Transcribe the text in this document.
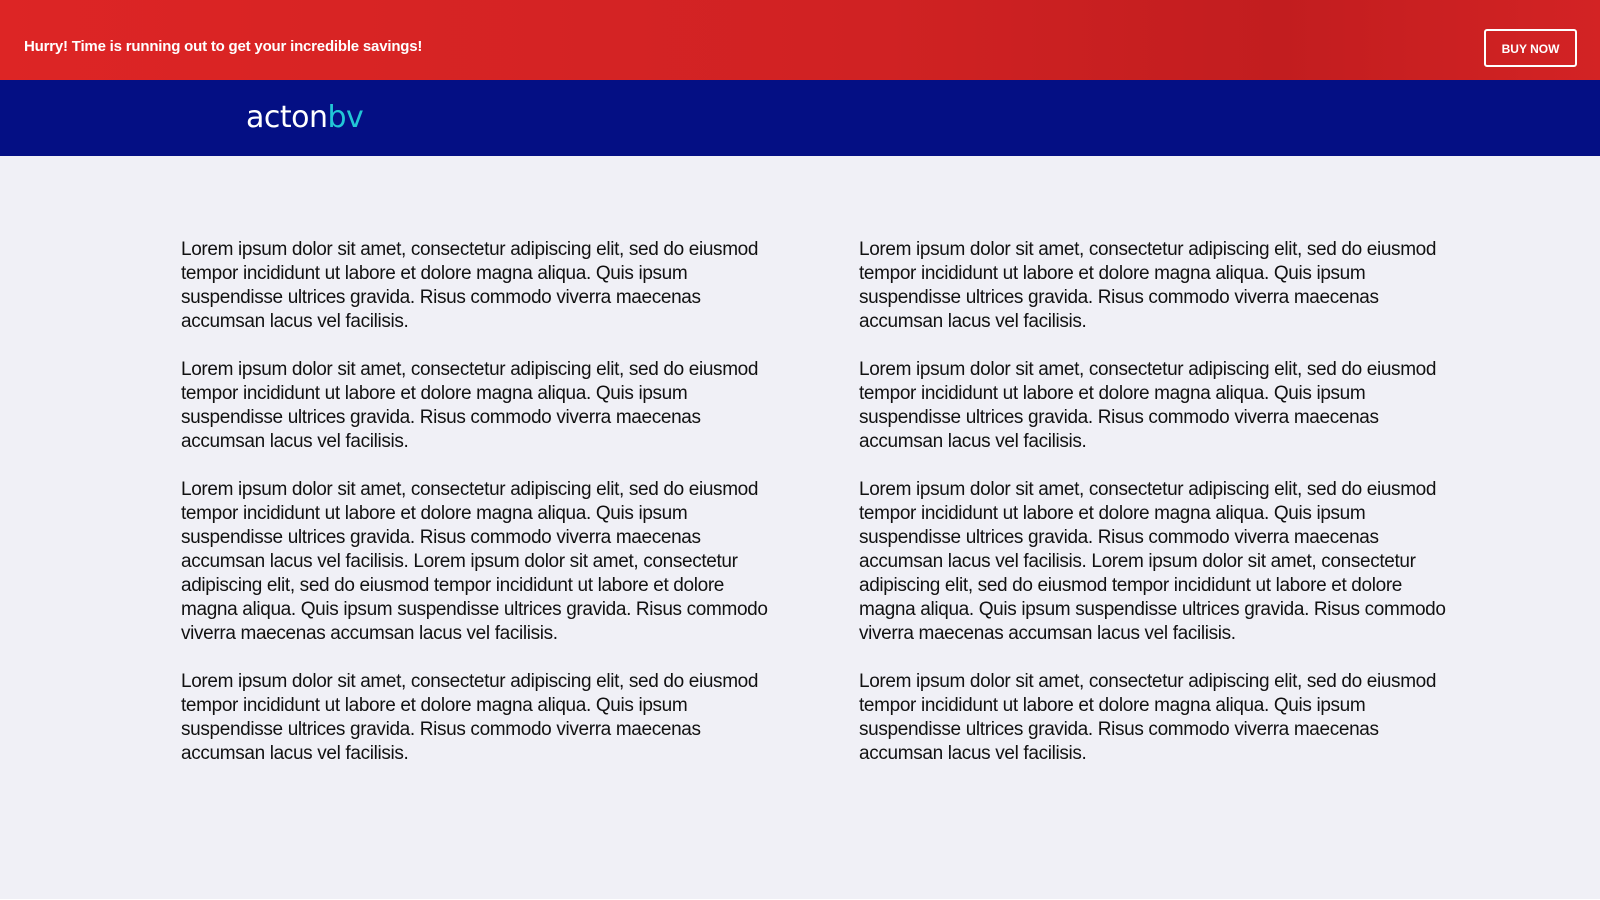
Hurry! Time is running out to get your incredible savings!	BUY NOW
actonbv

Lorem ipsum dolor sit amet, consectetur adipiscing elit, sed do eiusmod tempor incididunt ut labore et dolore magna aliqua. Quis ipsum suspendisse ultrices gravida. Risus commodo viverra maecenas accumsan lacus vel facilisis.

Lorem ipsum dolor sit amet, consectetur adipiscing elit, sed do eiusmod tempor incididunt ut labore et dolore magna aliqua. Quis ipsum suspendisse ultrices gravida. Risus commodo viverra maecenas accumsan lacus vel facilisis.

Lorem ipsum dolor sit amet, consectetur adipiscing elit, sed do eiusmod tempor incididunt ut labore et dolore magna aliqua. Quis ipsum suspendisse ultrices gravida. Risus commodo viverra maecenas accumsan lacus vel facilisis. Lorem ipsum dolor sit amet, consectetur adipiscing elit, sed do eiusmod tempor incididunt ut labore et dolore magna aliqua. Quis ipsum suspendisse ultrices gravida. Risus commodo viverra maecenas accumsan lacus vel facilisis.

Lorem ipsum dolor sit amet, consectetur adipiscing elit, sed do eiusmod tempor incididunt ut labore et dolore magna aliqua. Quis ipsum suspendisse ultrices gravida. Risus commodo viverra maecenas accumsan lacus vel facilisis.

Lorem ipsum dolor sit amet, consectetur adipiscing elit, sed do eiusmod tempor incididunt ut labore et dolore magna aliqua. Quis ipsum suspendisse ultrices gravida. Risus commodo viverra maecenas accumsan lacus vel facilisis.

Lorem ipsum dolor sit amet, consectetur adipiscing elit, sed do eiusmod tempor incididunt ut labore et dolore magna aliqua. Quis ipsum suspendisse ultrices gravida. Risus commodo viverra maecenas accumsan lacus vel facilisis.

Lorem ipsum dolor sit amet, consectetur adipiscing elit, sed do eiusmod tempor incididunt ut labore et dolore magna aliqua. Quis ipsum suspendisse ultrices gravida. Risus commodo viverra maecenas accumsan lacus vel facilisis. Lorem ipsum dolor sit amet, consectetur adipiscing elit, sed do eiusmod tempor incididunt ut labore et dolore magna aliqua. Quis ipsum suspendisse ultrices gravida. Risus commodo viverra maecenas accumsan lacus vel facilisis.

Lorem ipsum dolor sit amet, consectetur adipiscing elit, sed do eiusmod tempor incididunt ut labore et dolore magna aliqua. Quis ipsum suspendisse ultrices gravida. Risus commodo viverra maecenas accumsan lacus vel facilisis.
